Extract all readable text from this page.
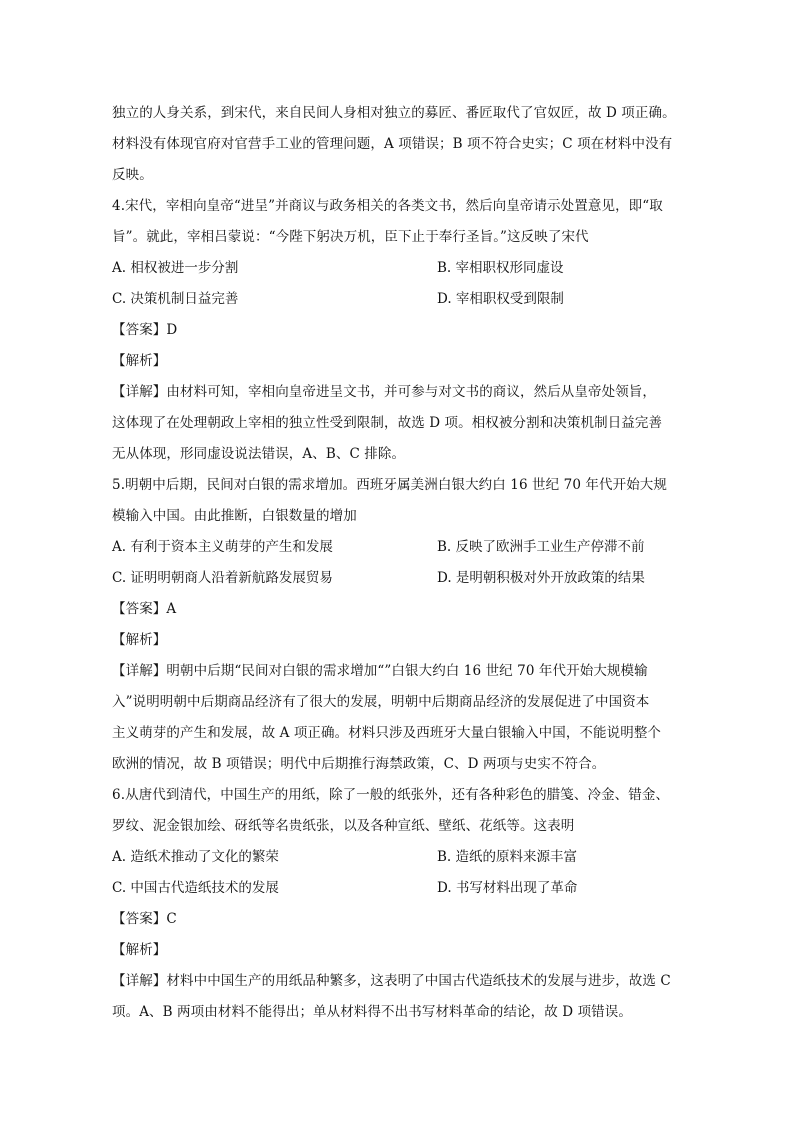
独立的人身关系，到宋代，来自民间人身相对独立的募匠、番匠取代了官奴匠，故 D 项正确。
材料没有体现官府对官营手工业的管理问题，A 项错误；B 项不符合史实；C 项在材料中没有
反映。
4.宋代，宰相向皇帝“进呈”并商议与政务相关的各类文书，然后向皇帝请示处置意见，即“取
旨”。就此，宰相吕蒙说：“今陛下躬决万机，臣下止于奉行圣旨。”这反映了宋代
A. 相权被进一步分割	B. 宰相职权形同虚设
C. 决策机制日益完善	D. 宰相职权受到限制
【答案】D
【解析】
【详解】由材料可知，宰相向皇帝进呈文书，并可参与对文书的商议，然后从皇帝处领旨，
这体现了在处理朝政上宰相的独立性受到限制，故选 D 项。相权被分割和决策机制日益完善
无从体现，形同虚设说法错误，A、B、C 排除。
5.明朝中后期，民间对白银的需求增加。西班牙属美洲白银大约白 16 世纪 70 年代开始大规
模输入中国。由此推断，白银数量的增加
A. 有利于资本主义萌芽的产生和发展	B. 反映了欧洲手工业生产停滞不前
C. 证明明朝商人沿着新航路发展贸易	D. 是明朝积极对外开放政策的结果
【答案】A
【解析】
【详解】明朝中后期“民间对白银的需求增加“”白银大约白 16 世纪 70 年代开始大规模输
入”说明明朝中后期商品经济有了很大的发展，明朝中后期商品经济的发展促进了中国资本
主义萌芽的产生和发展，故 A 项正确。材料只涉及西班牙大量白银输入中国，不能说明整个
欧洲的情况，故 B 项错误；明代中后期推行海禁政策，C、D 两项与史实不符合。
6.从唐代到清代，中国生产的用纸，除了一般的纸张外，还有各种彩色的腊笺、冷金、错金、
罗纹、泥金银加绘、砑纸等名贵纸张，以及各种宣纸、壁纸、花纸等。这表明
A. 造纸术推动了文化的繁荣	B. 造纸的原料来源丰富
C. 中国古代造纸技术的发展	D. 书写材料出现了革命
【答案】C
【解析】
【详解】材料中中国生产的用纸品种繁多，这表明了中国古代造纸技术的发展与进步，故选 C
项。A、B 两项由材料不能得出；单从材料得不出书写材料革命的结论，故 D 项错误。
